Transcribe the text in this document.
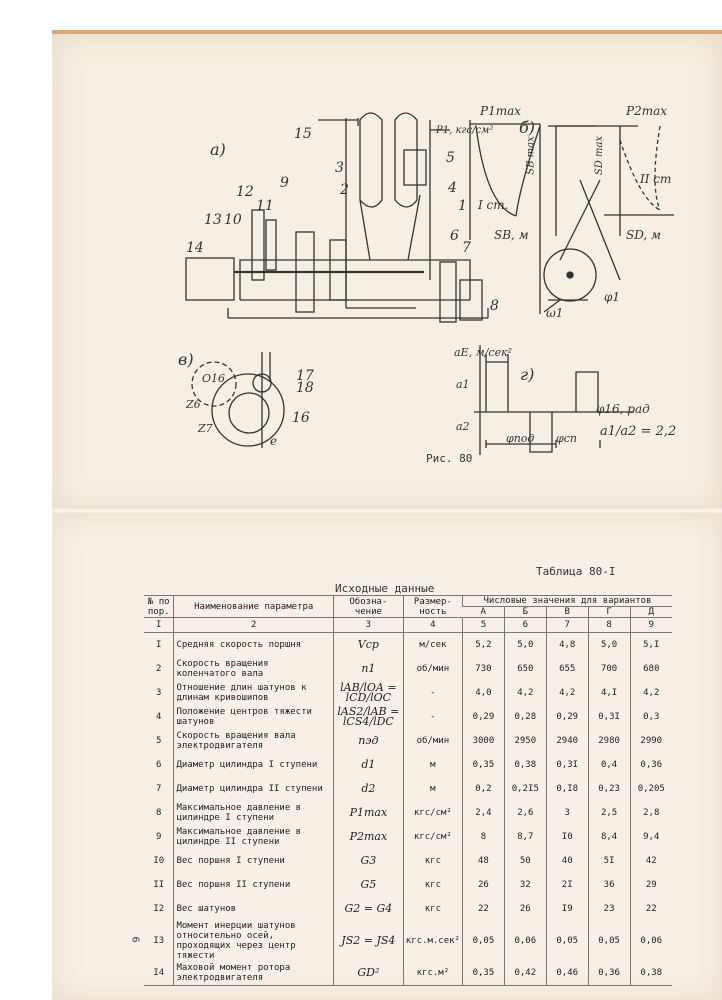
а)
б)
в)
г)
1
2
3
4
5
6
7
8
9
10
11
12
13
14
15
16
17
18
P1max	P2max
P1, кгс/см²
I ст.
II ст
SB, м	SD, м
SB max	SD max
ω1
φ1
aE, м/сек²
a1
a2
φ16, рад
φпод φсп a1/a2 = 2,2
Z6
Z7
O16
e
Рис. 80
Таблица 80-I
Исходные данные
№ по пор.	Наименование параметра	Обозна- чение	Размер- ность	Числовые значения для вариантов				
				А	Б	В	Г	Д
I	2	3	4	5	6	7	8	9
I	Средняя скорость поршня	Vср	м/сек	5,2	5,0	4,8	5,0	5,I
2	Скорость вращения коленчатого вала	n1	об/мин	730	650	655	700	680
3	Отношение длин шатунов к длинам кривошипов	lAB/lOA = lCD/lOC	-	4,0	4,2	4,2	4,I	4,2
4	Положение центров тяжести шатунов	lAS2/lAB = lCS4/lDC	-	0,29	0,28	0,29	0,3I	0,3
5	Скорость вращения вала электродвигателя	nэд	об/мин	3000	2950	2940	2980	2990
6	Диаметр цилиндра I ступени	d1	м	0,35	0,38	0,3I	0,4	0,36
7	Диаметр цилиндра II ступени	d2	м	0,2	0,2I5	0,I8	0,23	0,205
8	Максимальное давление в цилиндре I ступени	P1max	кгс/см²	2,4	2,6	3	2,5	2,8
9	Максимальное давление в цилиндре II ступени	P2max	кгс/см²	8	8,7	I0	8,4	9,4
I0	Вес поршня I ступени	G3	кгс	48	50	40	5I	42
II	Вес поршня II ступени	G5	кгс	26	32	2I	36	29
I2	Вес шатунов	G2 = G4	кгс	22	26	I9	23	22
I3	Момент инерции шатунов относительно осей, проходящих через центр тяжести	JS2 = JS4	кгс.м.сек²	0,05	0,06	0,05	0,05	0,06
I4	Маховой момент ротора электродвигателя	GD²	кгс.м²	0,35	0,42	0,46	0,36	0,38
6
